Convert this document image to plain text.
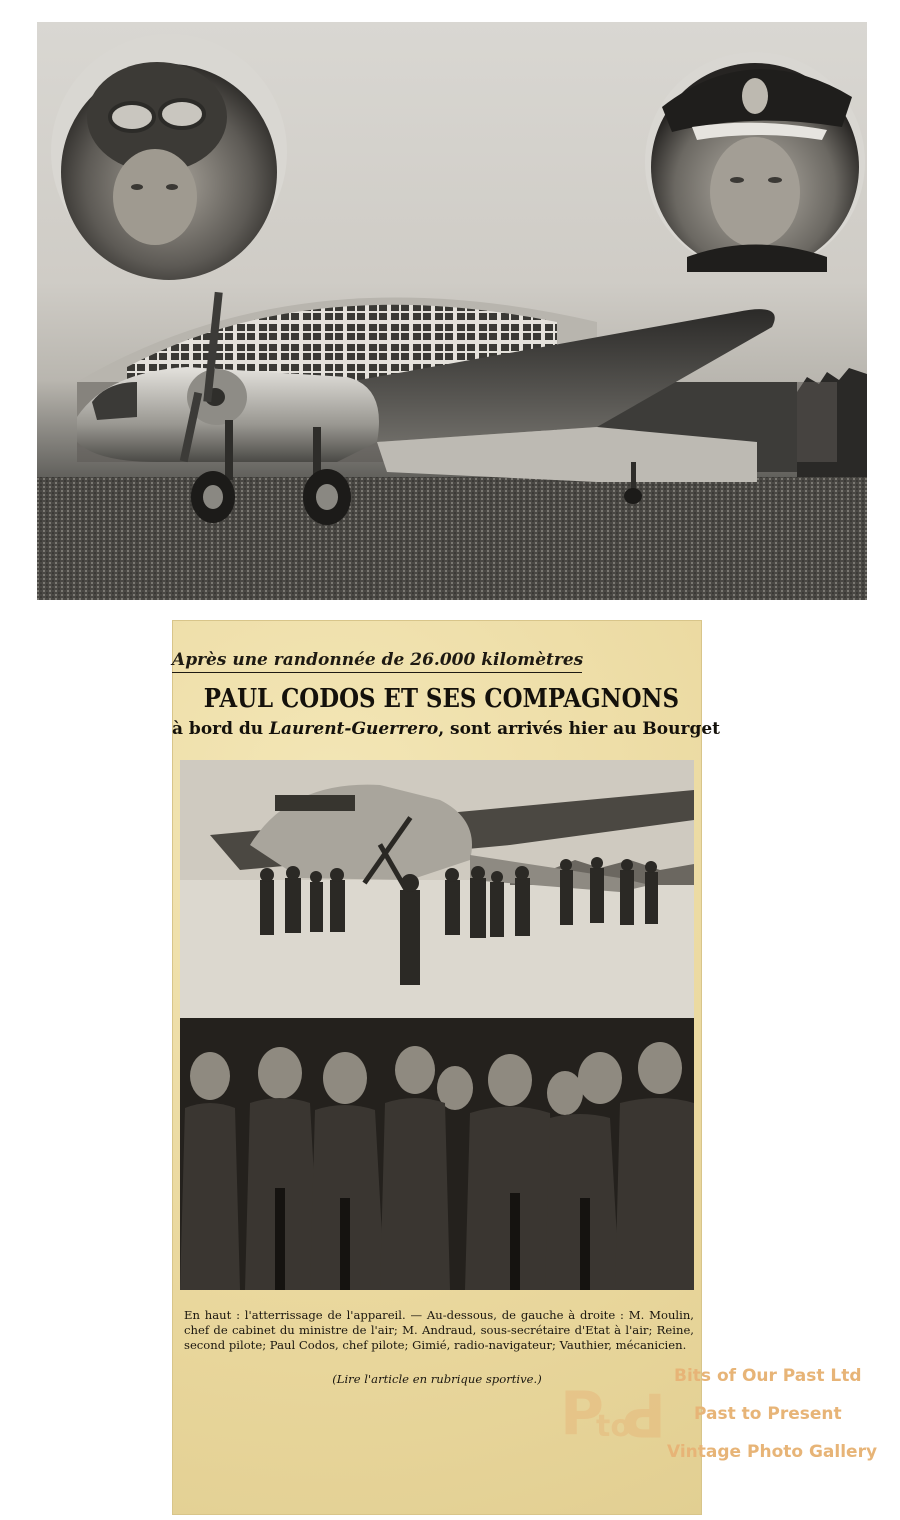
Après une randonnée de 26.000 kilomètres
PAUL CODOS ET SES COMPAGNONS
à bord du Laurent-Guerrero, sont arrivés hier au Bourget
En haut : l'atterrissage de l'appareil. — Au-dessous, de gauche à droite : M. Moulin, chef de cabinet du ministre de l'air; M. Andraud, sous-secrétaire d'Etat à l'air; Reine, second pilote; Paul Codos, chef pilote; Gimié, radio-navigateur; Vauthier, mécanicien.
(Lire l'article en rubrique sportive.) P
to
P
Bits of Our Past Ltd
Past to Present
Vintage Photo Gallery
